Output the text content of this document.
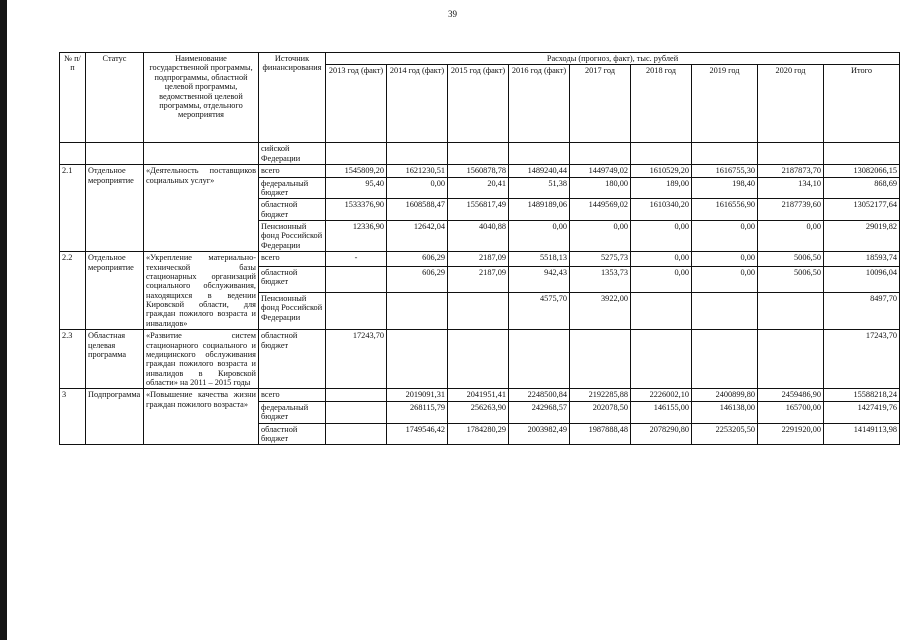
39
№ п/п	Статус	Наименование государственной программы, подпрограммы, областной целевой программы, ведомственной целевой программы, отдельного мероприятия	Источник финансирования	Расходы (прогноз, факт), тыс. рублей								
				2013 год (факт)	2014 год (факт)	2015 год (факт)	2016 год (факт)	2017 год	2018 год	2019 год	2020 год	Итого
			сийской Федерации									
2.1	Отдельное мероприятие	«Деятельность поставщиков социальных услуг»	всего	1545809,20	1621230,51	1560878,78	1489240,44	1449749,02	1610529,20	1616755,30	2187873,70	13082066,15
			федеральный бюджет	95,40	0,00	20,41	51,38	180,00	189,00	198,40	134,10	868,69
			областной бюджет	1533376,90	1608588,47	1556817,49	1489189,06	1449569,02	1610340,20	1616556,90	2187739,60	13052177,64
			Пенсионный фонд Российской Федерации	12336,90	12642,04	4040,88	0,00	0,00	0,00	0,00	0,00	29019,82
2.2	Отдельное мероприятие	«Укрепление материально-технической базы стационарных организаций социального обслуживания, находящихся в ведении Кировской области, для граждан пожилого возраста и инвалидов»	всего	-	606,29	2187,09	5518,13	5275,73	0,00	0,00	5006,50	18593,74
			областной бюджет		606,29	2187,09	942,43	1353,73	0,00	0,00	5006,50	10096,04
			Пенсионный фонд Российской Федерации				4575,70	3922,00				8497,70
2.3	Областная целевая программа	«Развитие систем стационарного социального и медицинского обслуживания граждан пожилого возраста и инвалидов в Кировской области» на 2011 – 2015 годы	областной бюджет	17243,70								17243,70
3	Подпрограмма	«Повышение качества жизни граждан пожилого возраста»	всего		2019091,31	2041951,41	2248500,84	2192285,88	2226002,10	2400899,80	2459486,90	15588218,24
			федеральный бюджет		268115,79	256263,90	242968,57	202078,50	146155,00	146138,00	165700,00	1427419,76
			областной бюджет		1749546,42	1784280,29	2003982,49	1987888,48	2078290,80	2253205,50	2291920,00	14149113,98
